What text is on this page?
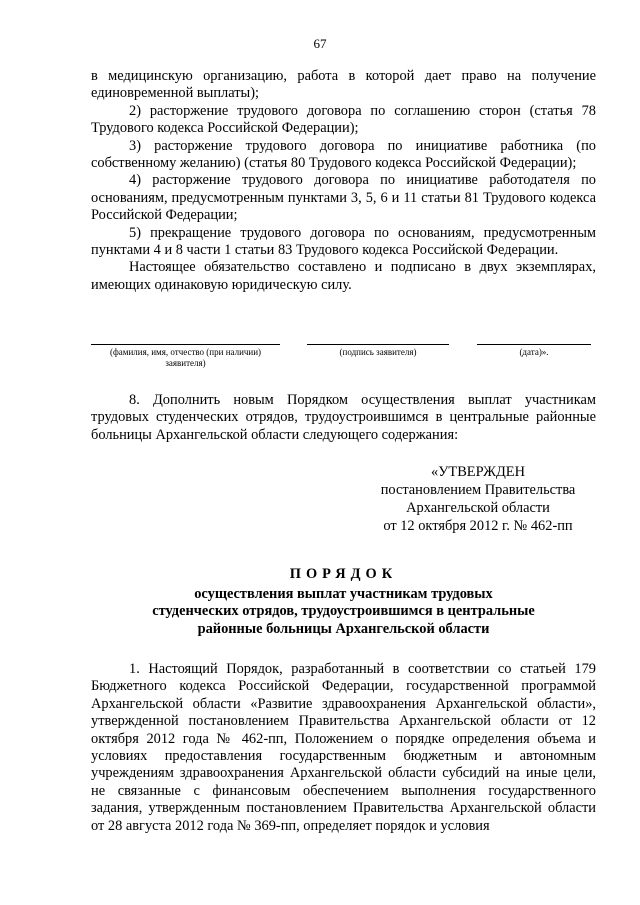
67

в медицинскую организацию, работа в которой дает право на получение единовременной выплаты);

2) расторжение трудового договора по соглашению сторон (статья 78 Трудового кодекса Российской Федерации);

3) расторжение трудового договора по инициативе работника (по собственному желанию) (статья 80 Трудового кодекса Российской Федерации);

4) расторжение трудового договора по инициативе работодателя по основаниям, предусмотренным пунктами 3, 5, 6 и 11 статьи 81 Трудового кодекса Российской Федерации;

5) прекращение трудового договора по основаниям, предусмотренным пунктами 4 и 8 части 1 статьи 83 Трудового кодекса Российской Федерации.

Настоящее обязательство составлено и подписано в двух экземплярах, имеющих одинаковую юридическую силу.

(фамилия, имя, отчество (при наличии) заявителя)
(подпись заявителя)	(дата)».

8. Дополнить новым Порядком осуществления выплат участникам трудовых студенческих отрядов, трудоустроившимся в центральные районные больницы Архангельской области следующего содержания:

«УТВЕРЖДЕН
постановлением Правительства
Архангельской области
от 12 октября 2012 г. № 462-пп
ПОРЯДОК
осуществления выплат участникам трудовых
студенческих отрядов, трудоустроившимся в центральные
районные больницы Архангельской области

1. Настоящий Порядок, разработанный в соответствии со статьей 179 Бюджетного кодекса Российской Федерации, государственной программой Архангельской области «Развитие здравоохранения Архангельской области», утвержденной постановлением Правительства Архангельской области от 12 октября 2012 года № 462-пп, Положением о порядке определения объема и условиях предоставления государственным бюджетным и автономным учреждениям здравоохранения Архангельской области субсидий на иные цели, не связанные с финансовым обеспечением выполнения государственного задания, утвержденным постановлением Правительства Архангельской области от 28 августа 2012 года № 369-пп, определяет порядок и условия
